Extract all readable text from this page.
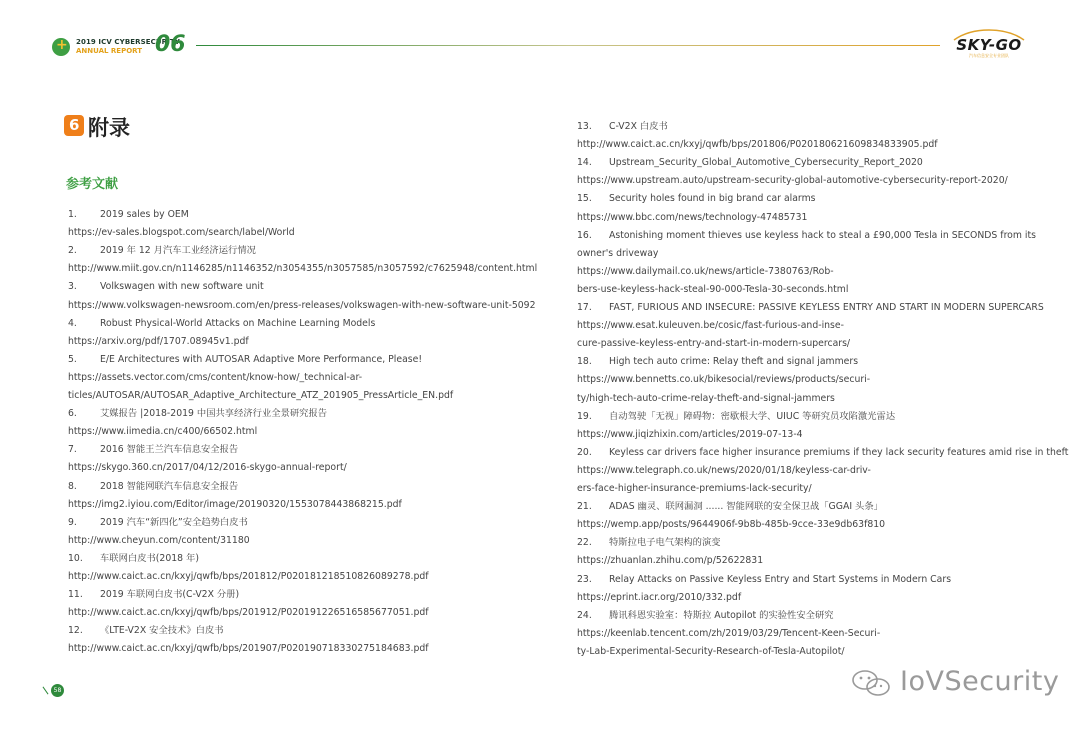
+
2019 ICV CYBERSECURITY
ANNUAL REPORT 06	SKY-GO
汽车信息安全专业团队
6 附录
参考文献
1. 2019 sales by OEM
https://ev-sales.blogspot.com/search/label/World
2. 2019 年 12 月汽车工业经济运行情况
http://www.miit.gov.cn/n1146285/n1146352/n3054355/n3057585/n3057592/c7625948/content.html
3. Volkswagen with new software unit
https://www.volkswagen-newsroom.com/en/press-releases/volkswagen-with-new-software-unit-5092
4. Robust Physical-World Attacks on Machine Learning Models
https://arxiv.org/pdf/1707.08945v1.pdf
5. E/E Architectures with AUTOSAR Adaptive More Performance, Please!
https://assets.vector.com/cms/content/know-how/_technical-ar-
ticles/AUTOSAR/AUTOSAR_Adaptive_Architecture_ATZ_201905_PressArticle_EN.pdf
6. 艾媒报告 |2018-2019 中国共享经济行业全景研究报告
https://www.iimedia.cn/c400/66502.html
7. 2016 智能王兰汽车信息安全报告
https://skygo.360.cn/2017/04/12/2016-skygo-annual-report/
8. 2018 智能网联汽车信息安全报告
https://img2.iyiou.com/Editor/image/20190320/1553078443868215.pdf
9. 2019 汽车“新四化”安全趋势白皮书
http://www.cheyun.com/content/31180
10. 车联网白皮书(2018 年)
http://www.caict.ac.cn/kxyj/qwfb/bps/201812/P020181218510826089278.pdf
11. 2019 车联网白皮书(C-V2X 分册)
http://www.caict.ac.cn/kxyj/qwfb/bps/201912/P020191226516585677051.pdf
12. 《LTE-V2X 安全技术》白皮书
http://www.caict.ac.cn/kxyj/qwfb/bps/201907/P020190718330275184683.pdf
13. C-V2X 白皮书
http://www.caict.ac.cn/kxyj/qwfb/bps/201806/P020180621609834833905.pdf
14. Upstream_Security_Global_Automotive_Cybersecurity_Report_2020
https://www.upstream.auto/upstream-security-global-automotive-cybersecurity-report-2020/
15. Security holes found in big brand car alarms
https://www.bbc.com/news/technology-47485731
16. Astonishing moment thieves use keyless hack to steal a £90,000 Tesla in SECONDS from its
owner's driveway
https://www.dailymail.co.uk/news/article-7380763/Rob-
bers-use-keyless-hack-steal-90-000-Tesla-30-seconds.html
17. FAST, FURIOUS AND INSECURE: PASSIVE KEYLESS ENTRY AND START IN MODERN SUPERCARS
https://www.esat.kuleuven.be/cosic/fast-furious-and-inse-
cure-passive-keyless-entry-and-start-in-modern-supercars/
18. High tech auto crime: Relay theft and signal jammers
https://www.bennetts.co.uk/bikesocial/reviews/products/securi-
ty/high-tech-auto-crime-relay-theft-and-signal-jammers
19. 自动驾驶「无视」障碍物：密歇根大学、UIUC 等研究员攻陷激光雷达
https://www.jiqizhixin.com/articles/2019-07-13-4
20. Keyless car drivers face higher insurance premiums if they lack security features amid rise in theft
https://www.telegraph.co.uk/news/2020/01/18/keyless-car-driv-
ers-face-higher-insurance-premiums-lack-security/
21. ADAS 幽灵、联网漏洞 ...... 智能网联的安全保卫战「GGAI 头条」
https://wemp.app/posts/9644906f-9b8b-485b-9cce-33e9db63f810
22. 特斯拉电子电气架构的演变
https://zhuanlan.zhihu.com/p/52622831
23. Relay Attacks on Passive Keyless Entry and Start Systems in Modern Cars
https://eprint.iacr.org/2010/332.pdf
24. 腾讯科恩实验室：特斯拉 Autopilot 的实验性安全研究
https://keenlab.tencent.com/zh/2019/03/29/Tencent-Keen-Securi-
ty-Lab-Experimental-Security-Research-of-Tesla-Autopilot/
58	IoVSecurity
